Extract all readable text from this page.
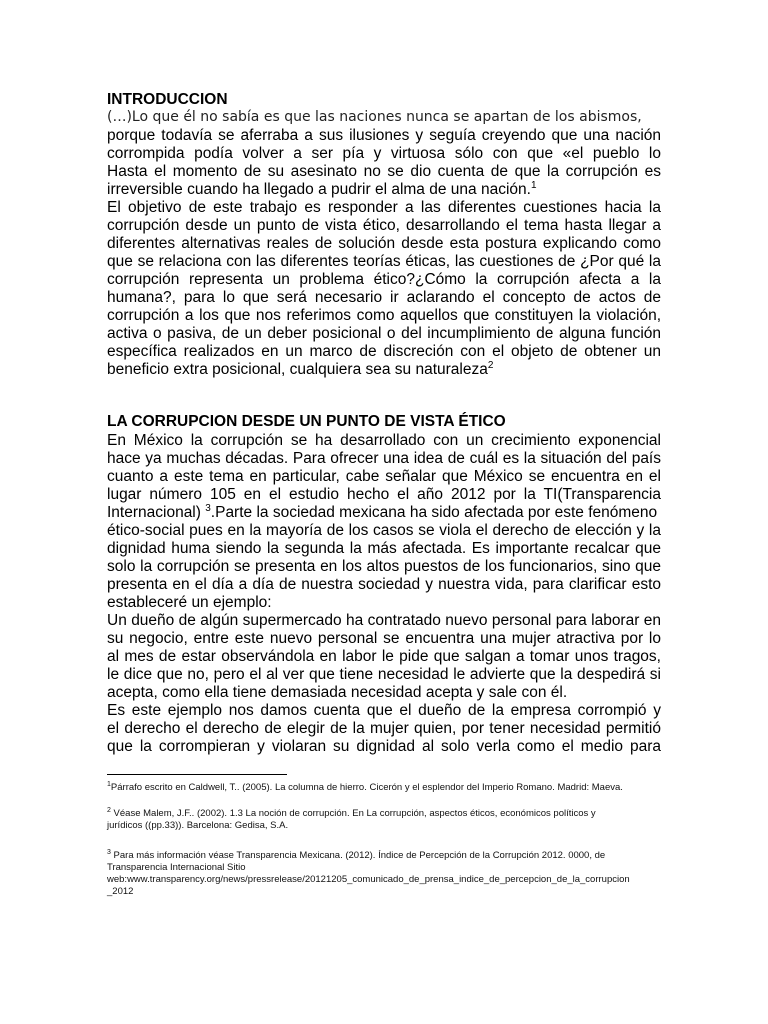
INTRODUCCION
(…)Lo que él no sabía es que las naciones nunca se apartan de los abismos,
porque todavía se aferraba a sus ilusiones y seguía creyendo que una nación
corrompida podía volver a ser pía y virtuosa sólo con que «el pueblo lo
Hasta el momento de su asesinato no se dio cuenta de que la corrupción es
irreversible cuando ha llegado a pudrir el alma de una nación.$^1$
El objetivo de este trabajo es responder a las diferentes cuestiones hacia la
corrupción desde un punto de vista ético, desarrollando el tema hasta llegar a
diferentes alternativas reales de solución desde esta postura explicando como
que se relaciona con las diferentes teorías éticas, las cuestiones de ¿Por qué la
corrupción representa un problema ético?¿Cómo la corrupción afecta a la
humana?, para lo que será necesario ir aclarando el concepto de actos de
corrupción a los que nos referimos como aquellos que constituyen la violación,
activa o pasiva, de un deber posicional o del incumplimiento de alguna función
específica realizados en un marco de discreción con el objeto de obtener un
beneficio extra posicional, cualquiera sea su naturaleza$^2$
LA CORRUPCION DESDE UN PUNTO DE VISTA ÉTICO
En México la corrupción se ha desarrollado con un crecimiento exponencial
hace ya muchas décadas. Para ofrecer una idea de cuál es la situación del país
cuanto a este tema en particular, cabe señalar que México se encuentra en el
lugar número 105 en el estudio hecho el año 2012 por la TI(Transparencia
Internacional) $^3$.Parte la sociedad mexicana ha sido afectada por este fenómeno
ético-social pues en la mayoría de los casos se viola el derecho de elección y la
dignidad huma siendo la segunda la más afectada. Es importante recalcar que
solo la corrupción se presenta en los altos puestos de los funcionarios, sino que
presenta en el día a día de nuestra sociedad y nuestra vida, para clarificar esto
estableceré un ejemplo:
Un dueño de algún supermercado ha contratado nuevo personal para laborar en
su negocio, entre este nuevo personal se encuentra una mujer atractiva por lo
al mes de estar observándola en labor le pide que salgan a tomar unos tragos,
le dice que no, pero el al ver que tiene necesidad le advierte que la despedirá si
acepta, como ella tiene demasiada necesidad acepta y sale con él.
Es este ejemplo nos damos cuenta que el dueño de la empresa corrompió y
el derecho el derecho de elegir de la mujer quien, por tener necesidad permitió
que la corrompieran y violaran su dignidad al solo verla como el medio para
$^1$Párrafo escrito en Caldwell, T.. (2005). La columna de hierro. Cicerón y el esplendor del Imperio Romano. Madrid: Maeva.
$^2$ Véase Malem, J.F.. (2002). 1.3 La noción de corrupción. En La corrupción, aspectos éticos, económicos políticos y
jurídicos ((pp.33)). Barcelona: Gedisa, S.A.
$^3$ Para más información véase Transparencia Mexicana. (2012). Índice de Percepción de la Corrupción 2012. 0000, de
Transparencia Internacional Sitio
web:www.transparency.org/news/pressrelease/20121205_comunicado_de_prensa_indice_de_percepcion_de_la_corrupcion
_2012
